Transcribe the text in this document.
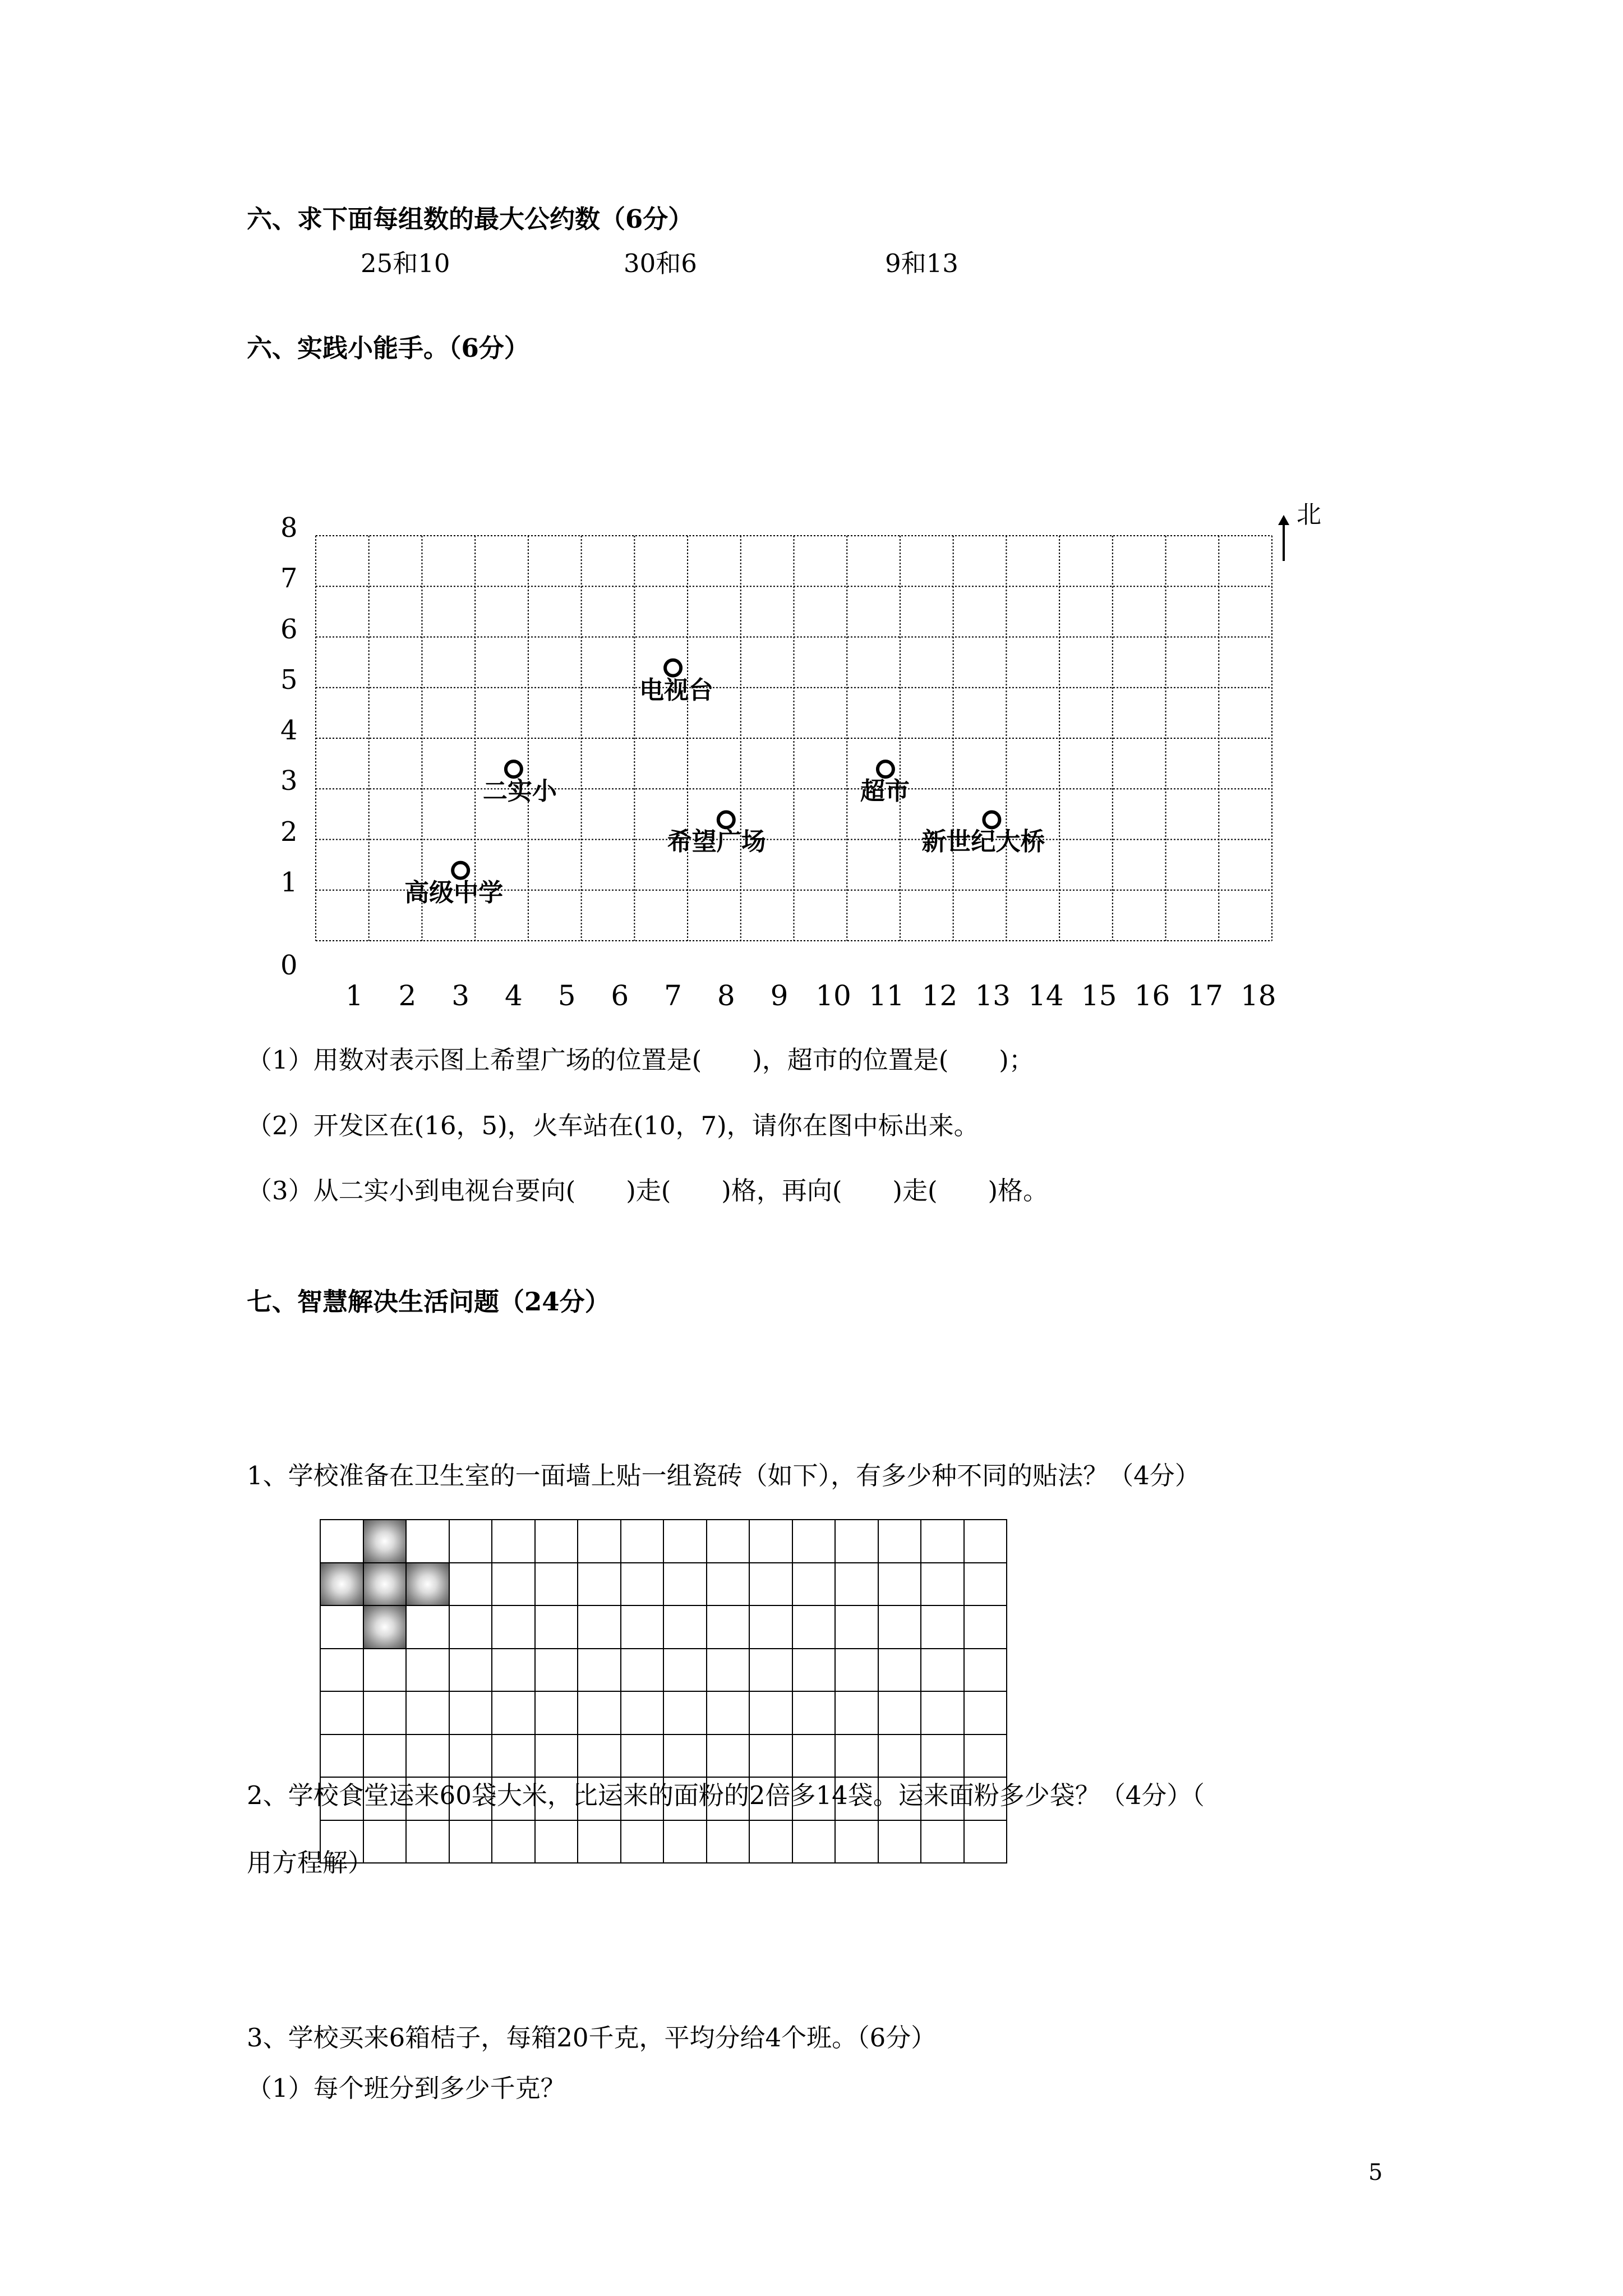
六、求下面每组数的最大公约数（6分）
25和10	30和6	9和13
六、实践小能手。（6分）
北
1 2 3 4 5 6 7 8 9 10 11 12 13 14 15 16 17 18
0
1
2
3
4
5
6
7
8
电视台
二实小	超市
希望广场	新世纪大桥
高级中学
（1）用数对表示图上希望广场的位置是(　　)，超市的位置是(　　)；
（2）开发区在(16，5)，火车站在(10，7)，请你在图中标出来。
（3）从二实小到电视台要向(　　)走(　　)格，再向(　　)走(　　)格。
七、智慧解决生活问题（24分）
1、学校准备在卫生室的一面墙上贴一组瓷砖（如下），有多少种不同的贴法？（4分）
2、学校食堂运来60袋大米，比运来的面粉的2倍多14袋。运来面粉多少袋？（4分）（
用方程解）
3、学校买来6箱桔子，每箱20千克，平均分给4个班。（6分）
（1）每个班分到多少千克？
5
